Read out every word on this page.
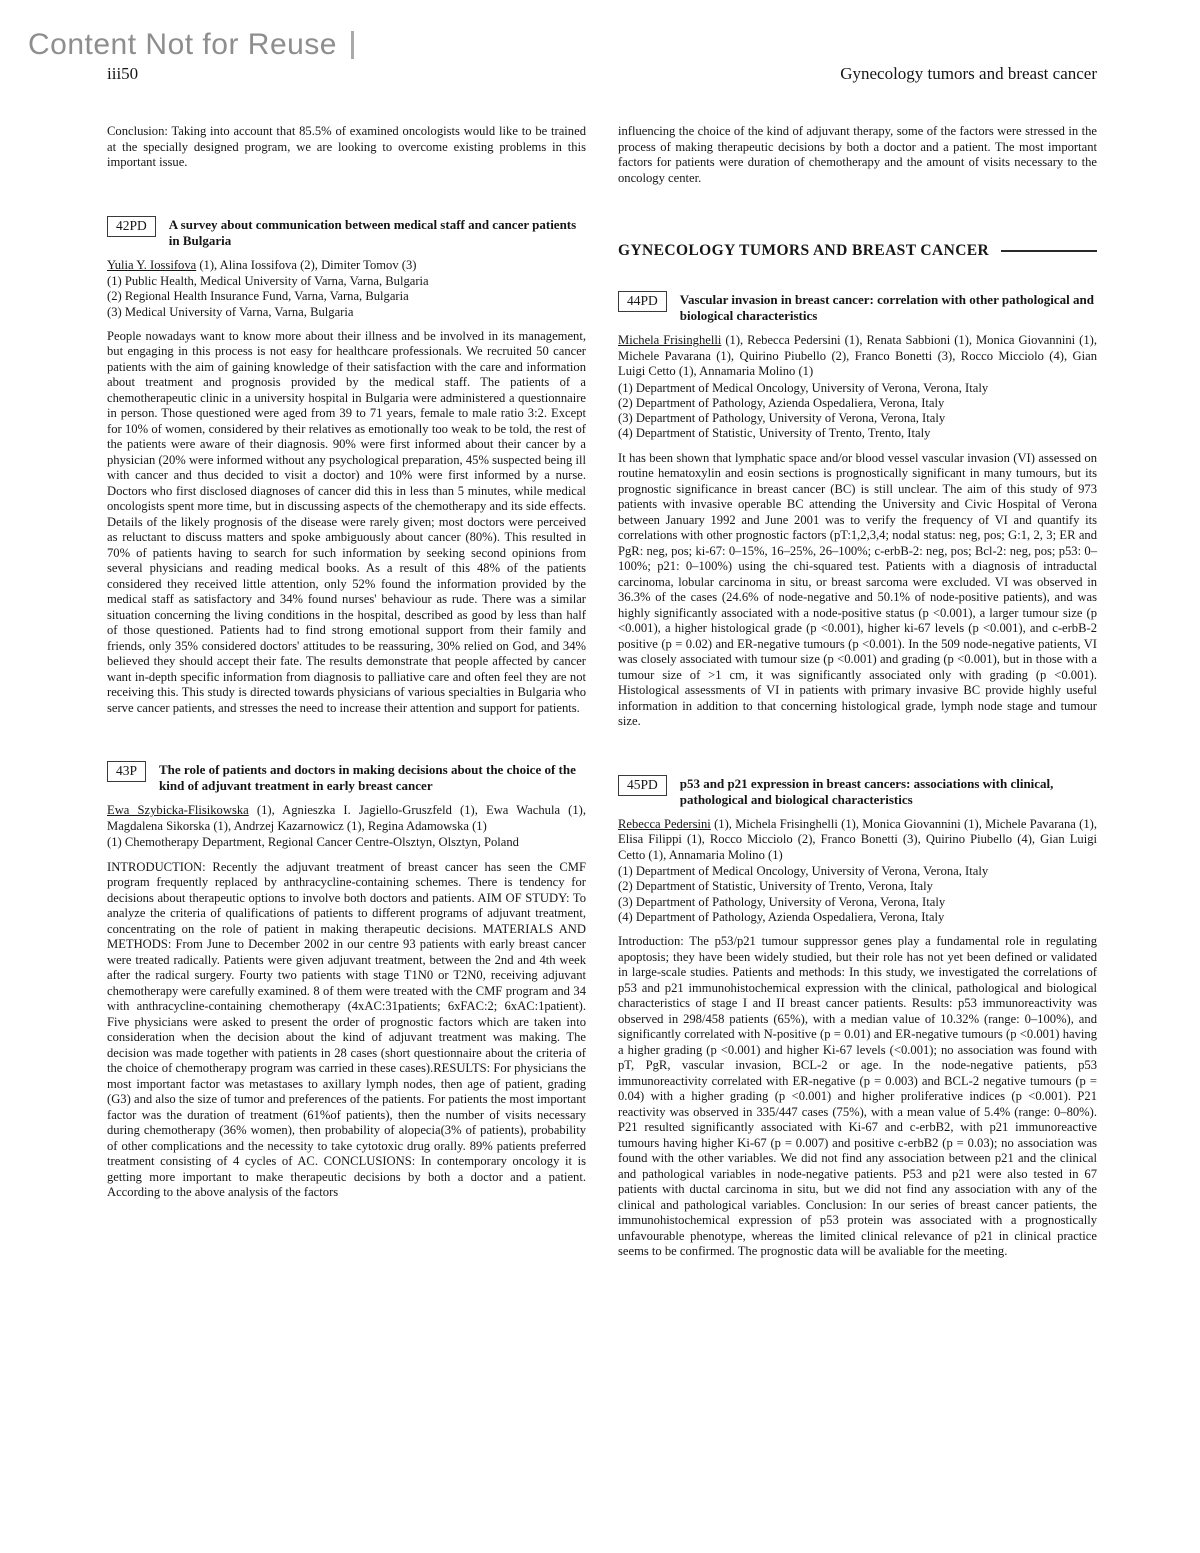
Content Not for Reuse
iii50	Gynecology tumors and breast cancer

Conclusion: Taking into account that 85.5% of examined oncologists would like to be trained at the specially designed program, we are looking to overcome existing problems in this important issue.

42PD	A survey about communication between medical staff and cancer patients in Bulgaria

Yulia Y. Iossifova (1), Alina Iossifova (2), Dimiter Tomov (3)

(1) Public Health, Medical University of Varna, Varna, Bulgaria
(2) Regional Health Insurance Fund, Varna, Varna, Bulgaria
(3) Medical University of Varna, Varna, Bulgaria

People nowadays want to know more about their illness and be involved in its management, but engaging in this process is not easy for healthcare professionals. We recruited 50 cancer patients with the aim of gaining knowledge of their satisfaction with the care and information about treatment and prognosis provided by the medical staff. The patients of a chemotherapeutic clinic in a university hospital in Bulgaria were administered a questionnaire in person. Those questioned were aged from 39 to 71 years, female to male ratio 3:2. Except for 10% of women, considered by their relatives as emotionally too weak to be told, the rest of the patients were aware of their diagnosis. 90% were first informed about their cancer by a physician (20% were informed without any psychological preparation, 45% suspected being ill with cancer and thus decided to visit a doctor) and 10% were first informed by a nurse. Doctors who first disclosed diagnoses of cancer did this in less than 5 minutes, while medical oncologists spent more time, but in discussing aspects of the chemotherapy and its side effects. Details of the likely prognosis of the disease were rarely given; most doctors were perceived as reluctant to discuss matters and spoke ambiguously about cancer (80%). This resulted in 70% of patients having to search for such information by seeking second opinions from several physicians and reading medical books. As a result of this 48% of the patients considered they received little attention, only 52% found the information provided by the medical staff as satisfactory and 34% found nurses' behaviour as rude. There was a similar situation concerning the living conditions in the hospital, described as good by less than half of those questioned. Patients had to find strong emotional support from their family and friends, only 35% considered doctors' attitudes to be reassuring, 30% relied on God, and 34% believed they should accept their fate. The results demonstrate that people affected by cancer want in-depth specific information from diagnosis to palliative care and often feel they are not receiving this. This study is directed towards physicians of various specialties in Bulgaria who serve cancer patients, and stresses the need to increase their attention and support for patients.

43P	The role of patients and doctors in making decisions about the choice of the kind of adjuvant treatment in early breast cancer

Ewa Szybicka-Flisikowska (1), Agnieszka I. Jagiello-Gruszfeld (1), Ewa Wachula (1), Magdalena Sikorska (1), Andrzej Kazarnowicz (1), Regina Adamowska (1)

(1) Chemotherapy Department, Regional Cancer Centre-Olsztyn, Olsztyn, Poland

INTRODUCTION: Recently the adjuvant treatment of breast cancer has seen the CMF program frequently replaced by anthracycline-containing schemes. There is tendency for decisions about therapeutic options to involve both doctors and patients. AIM OF STUDY: To analyze the criteria of qualifications of patients to different programs of adjuvant treatment, concentrating on the role of patient in making therapeutic decisions. MATERIALS AND METHODS: From June to December 2002 in our centre 93 patients with early breast cancer were treated radically. Patients were given adjuvant treatment, between the 2nd and 4th week after the radical surgery. Fourty two patients with stage T1N0 or T2N0, receiving adjuvant chemotherapy were carefully examined. 8 of them were treated with the CMF program and 34 with anthracycline-containing chemotherapy (4xAC:31patients; 6xFAC:2; 6xAC:1patient). Five physicians were asked to present the order of prognostic factors which are taken into consideration when the decision about the kind of adjuvant treatment was making. The decision was made together with patients in 28 cases (short questionnaire about the criteria of the choice of chemotherapy program was carried in these cases).RESULTS: For physicians the most important factor was metastases to axillary lymph nodes, then age of patient, grading (G3) and also the size of tumor and preferences of the patients. For patients the most important factor was the duration of treatment (61%of patients), then the number of visits necessary during chemotherapy (36% women), then probability of alopecia(3% of patients), probability of other complications and the necessity to take cytotoxic drug orally. 89% patients preferred treatment consisting of 4 cycles of AC. CONCLUSIONS: In contemporary oncology it is getting more important to make therapeutic decisions by both a doctor and a patient. According to the above analysis of the factors

influencing the choice of the kind of adjuvant therapy, some of the factors were stressed in the process of making therapeutic decisions by both a doctor and a patient. The most important factors for patients were duration of chemotherapy and the amount of visits necessary to the oncology center.

GYNECOLOGY TUMORS AND BREAST CANCER
44PD	Vascular invasion in breast cancer: correlation with other pathological and biological characteristics

Michela Frisinghelli (1), Rebecca Pedersini (1), Renata Sabbioni (1), Monica Giovannini (1), Michele Pavarana (1), Quirino Piubello (2), Franco Bonetti (3), Rocco Micciolo (4), Gian Luigi Cetto (1), Annamaria Molino (1)

(1) Department of Medical Oncology, University of Verona, Verona, Italy
(2) Department of Pathology, Azienda Ospedaliera, Verona, Italy
(3) Department of Pathology, University of Verona, Verona, Italy
(4) Department of Statistic, University of Trento, Trento, Italy

It has been shown that lymphatic space and/or blood vessel vascular invasion (VI) assessed on routine hematoxylin and eosin sections is prognostically significant in many tumours, but its prognostic significance in breast cancer (BC) is still unclear. The aim of this study of 973 patients with invasive operable BC attending the University and Civic Hospital of Verona between January 1992 and June 2001 was to verify the frequency of VI and quantify its correlations with other prognostic factors (pT:1,2,3,4; nodal status: neg, pos; G:1, 2, 3; ER and PgR: neg, pos; ki-67: 0–15%, 16–25%, 26–100%; c-erbB-2: neg, pos; Bcl-2: neg, pos; p53: 0–100%; p21: 0–100%) using the chi-squared test. Patients with a diagnosis of intraductal carcinoma, lobular carcinoma in situ, or breast sarcoma were excluded. VI was observed in 36.3% of the cases (24.6% of node-negative and 50.1% of node-positive patients), and was highly significantly associated with a node-positive status (p <0.001), a larger tumour size (p <0.001), a higher histological grade (p <0.001), higher ki-67 levels (p <0.001), and c-erbB-2 positive (p = 0.02) and ER-negative tumours (p <0.001). In the 509 node-negative patients, VI was closely associated with tumour size (p <0.001) and grading (p <0.001), but in those with a tumour size of >1 cm, it was significantly associated only with grading (p <0.001). Histological assessments of VI in patients with primary invasive BC provide highly useful information in addition to that concerning histological grade, lymph node stage and tumour size.

45PD	p53 and p21 expression in breast cancers: associations with clinical, pathological and biological characteristics

Rebecca Pedersini (1), Michela Frisinghelli (1), Monica Giovannini (1), Michele Pavarana (1), Elisa Filippi (1), Rocco Micciolo (2), Franco Bonetti (3), Quirino Piubello (4), Gian Luigi Cetto (1), Annamaria Molino (1)

(1) Department of Medical Oncology, University of Verona, Verona, Italy
(2) Department of Statistic, University of Trento, Verona, Italy
(3) Department of Pathology, University of Verona, Verona, Italy
(4) Department of Pathology, Azienda Ospedaliera, Verona, Italy

Introduction: The p53/p21 tumour suppressor genes play a fundamental role in regulating apoptosis; they have been widely studied, but their role has not yet been defined or validated in large-scale studies. Patients and methods: In this study, we investigated the correlations of p53 and p21 immunohistochemical expression with the clinical, pathological and biological characteristics of stage I and II breast cancer patients. Results: p53 immunoreactivity was observed in 298/458 patients (65%), with a median value of 10.32% (range: 0–100%), and significantly correlated with N-positive (p = 0.01) and ER-negative tumours (p <0.001) having a higher grading (p <0.001) and higher Ki-67 levels (<0.001); no association was found with pT, PgR, vascular invasion, BCL-2 or age. In the node-negative patients, p53 immunoreactivity correlated with ER-negative (p = 0.003) and BCL-2 negative tumours (p = 0.04) with a higher grading (p <0.001) and higher proliferative indices (p <0.001). P21 reactivity was observed in 335/447 cases (75%), with a mean value of 5.4% (range: 0–80%). P21 resulted significantly associated with Ki-67 and c-erbB2, with p21 immunoreactive tumours having higher Ki-67 (p = 0.007) and positive c-erbB2 (p = 0.03); no association was found with the other variables. We did not find any association between p21 and the clinical and pathological variables in node-negative patients. P53 and p21 were also tested in 67 patients with ductal carcinoma in situ, but we did not find any association with any of the clinical and pathological variables. Conclusion: In our series of breast cancer patients, the immunohistochemical expression of p53 protein was associated with a prognostically unfavourable phenotype, whereas the limited clinical relevance of p21 in clinical practice seems to be confirmed. The prognostic data will be avaliable for the meeting.
